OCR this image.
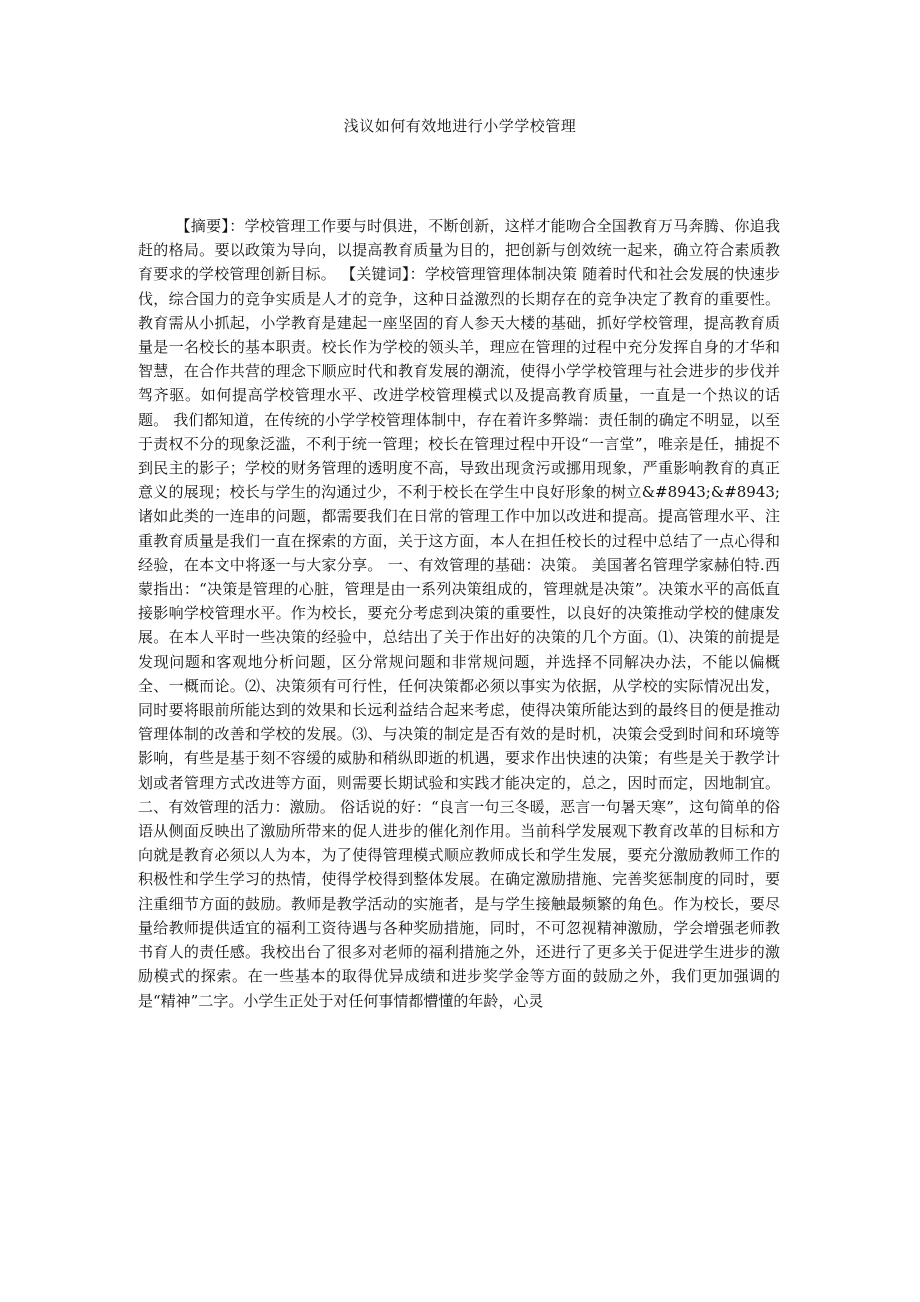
浅议如何有效地进行小学学校管理

【摘要】：学校管理工作要与时俱进，不断创新，这样才能吻合全国教育万马奔腾、你追我赶的格局。要以政策为导向，以提高教育质量为目的，把创新与创效统一起来，确立符合素质教育要求的学校管理创新目标。 【关键词】：学校管理管理体制决策 随着时代和社会发展的快速步伐，综合国力的竞争实质是人才的竞争，这种日益激烈的长期存在的竞争决定了教育的重要性。教育需从小抓起，小学教育是建起一座坚固的育人参天大楼的基础，抓好学校管理，提高教育质量是一名校长的基本职责。校长作为学校的领头羊，理应在管理的过程中充分发挥自身的才华和智慧，在合作共营的理念下顺应时代和教育发展的潮流，使得小学学校管理与社会进步的步伐并驾齐驱。如何提高学校管理水平、改进学校管理模式以及提高教育质量，一直是一个热议的话题。 我们都知道，在传统的小学学校管理体制中，存在着许多弊端：责任制的确定不明显，以至于责权不分的现象泛滥，不利于统一管理；校长在管理过程中开设“一言堂”，唯亲是任，捕捉不到民主的影子；学校的财务管理的透明度不高，导致出现贪污或挪用现象，严重影响教育的真正意义的展现；校长与学生的沟通过少，不利于校长在学生中良好形象的树立&#8943;&#8943;诸如此类的一连串的问题，都需要我们在日常的管理工作中加以改进和提高。提高管理水平、注重教育质量是我们一直在探索的方面，关于这方面，本人在担任校长的过程中总结了一点心得和经验，在本文中将逐一与大家分享。 一、有效管理的基础：决策。 美国著名管理学家赫伯特.西蒙指出：“决策是管理的心脏，管理是由一系列决策组成的，管理就是决策”。决策水平的高低直接影响学校管理水平。作为校长，要充分考虑到决策的重要性，以良好的决策推动学校的健康发展。在本人平时一些决策的经验中，总结出了关于作出好的决策的几个方面。⑴、决策的前提是发现问题和客观地分析问题，区分常规问题和非常规问题，并选择不同解决办法，不能以偏概全、一概而论。⑵、决策须有可行性，任何决策都必须以事实为依据，从学校的实际情况出发，同时要将眼前所能达到的效果和长远利益结合起来考虑，使得决策所能达到的最终目的便是推动管理体制的改善和学校的发展。⑶、与决策的制定是否有效的是时机，决策会受到时间和环境等影响，有些是基于刻不容缓的威胁和稍纵即逝的机遇，要求作出快速的决策；有些是关于教学计划或者管理方式改进等方面，则需要长期试验和实践才能决定的，总之，因时而定，因地制宜。 二、有效管理的活力：激励。 俗话说的好：“良言一句三冬暖，恶言一句暑天寒”，这句简单的俗语从侧面反映出了激励所带来的促人进步的催化剂作用。当前科学发展观下教育改革的目标和方向就是教育必须以人为本，为了使得管理模式顺应教师成长和学生发展，要充分激励教师工作的积极性和学生学习的热情，使得学校得到整体发展。在确定激励措施、完善奖惩制度的同时，要注重细节方面的鼓励。教师是教学活动的实施者，是与学生接触最频繁的角色。作为校长，要尽量给教师提供适宜的福利工资待遇与各种奖励措施，同时，不可忽视精神激励，学会增强老师教书育人的责任感。我校出台了很多对老师的福利措施之外，还进行了更多关于促进学生进步的激励模式的探索。在一些基本的取得优异成绩和进步奖学金等方面的鼓励之外，我们更加强调的是“精神”二字。小学生正处于对任何事情都懵懂的年龄，心灵
